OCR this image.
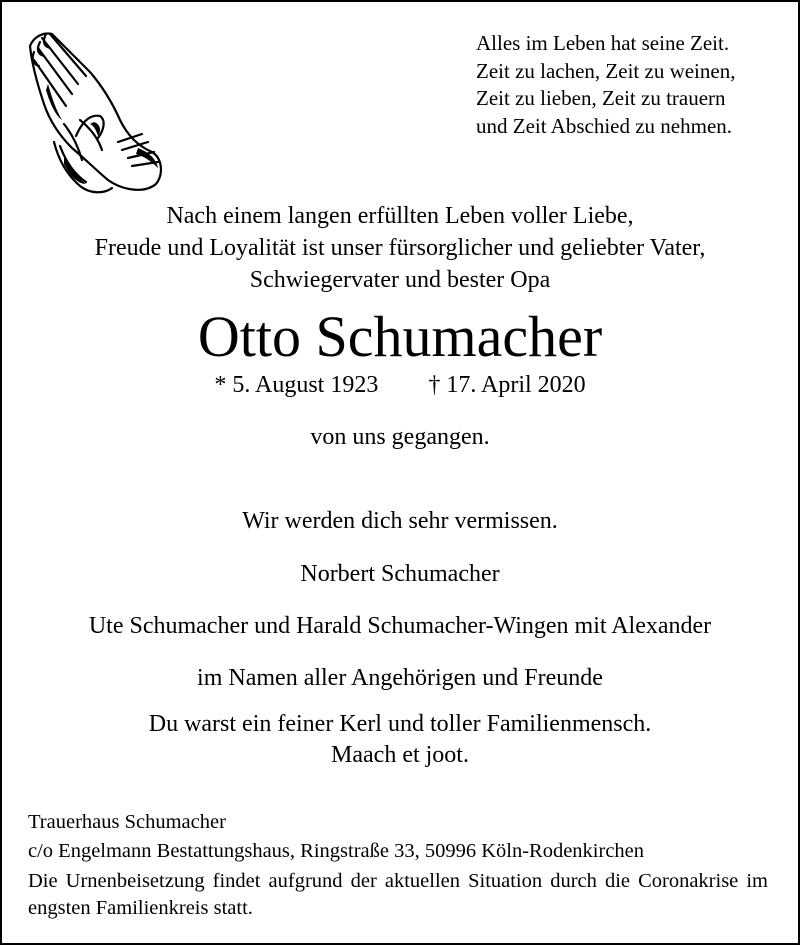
Alles im Leben hat seine Zeit.
Zeit zu lachen, Zeit zu weinen,
Zeit zu lieben, Zeit zu trauern
und Zeit Abschied zu nehmen.
Nach einem langen erfüllten Leben voller Liebe,
Freude und Loyalität ist unser fürsorglicher und geliebter Vater,
Schwiegervater und bester Opa
Otto Schumacher
* 5. August 1923 † 17. April 2020
von uns gegangen.
Wir werden dich sehr vermissen.
Norbert Schumacher
Ute Schumacher und Harald Schumacher-Wingen mit Alexander
im Namen aller Angehörigen und Freunde
Du warst ein feiner Kerl und toller Familienmensch.
Maach et joot.
Trauerhaus Schumacher
c/o Engelmann Bestattungshaus, Ringstraße 33, 50996 Köln-Rodenkirchen
Die Urnenbeisetzung findet aufgrund der aktuellen Situation durch die Coronakrise im engsten Familienkreis statt.
